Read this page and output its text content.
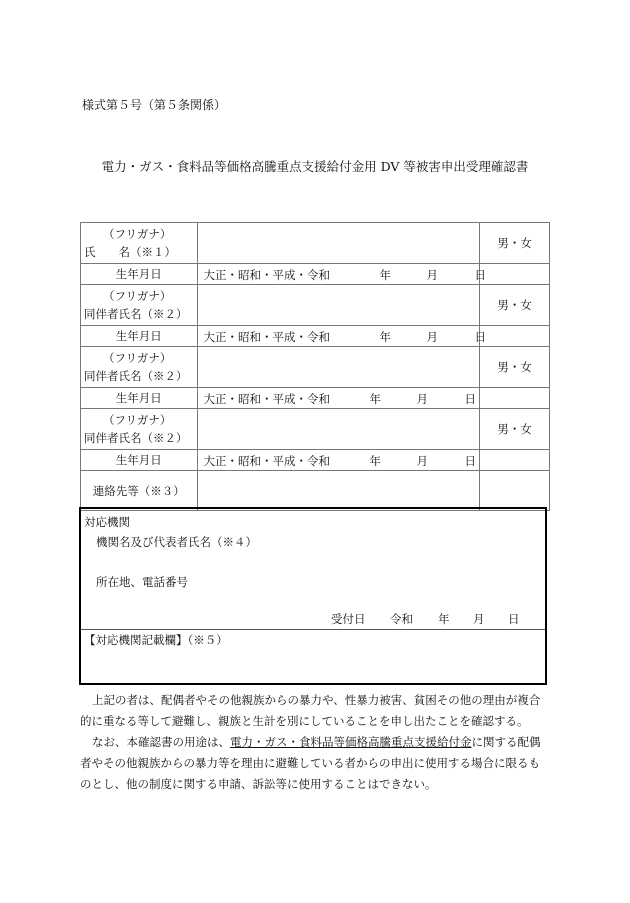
様式第５号（第５条関係）
電力・ガス・食料品等価格高騰重点支援給付金用 DV 等被害申出受理確認書
（フリガナ）
氏　　名（※１）		男・女
生年月日	大正・昭和・平成・令和 年 月 日	

（フリガナ）
同伴者氏名（※２）		男・女
生年月日	大正・昭和・平成・令和 年 月 日	

（フリガナ）
同伴者氏名（※２）		男・女
生年月日	大正・昭和・平成・令和 年 月 日	

（フリガナ）
同伴者氏名（※２）		男・女
生年月日	大正・昭和・平成・令和 年 月 日	

連絡先等（※３）		
対応機関
機関名及び代表者氏名（※４）
所在地、電話番号
受付日 令和 年 月 日
【対応機関記載欄】（※５）
上記の者は、配偶者やその他親族からの暴力や、性暴力被害、貧困その他の理由が複合
的に重なる等して避難し、親族と生計を別にしていることを申し出たことを確認する。
なお、本確認書の用途は、電力・ガス・食料品等価格高騰重点支援給付金に関する配偶
者やその他親族からの暴力等を理由に避難している者からの申出に使用する場合に限るも
のとし、他の制度に関する申請、訴訟等に使用することはできない。
